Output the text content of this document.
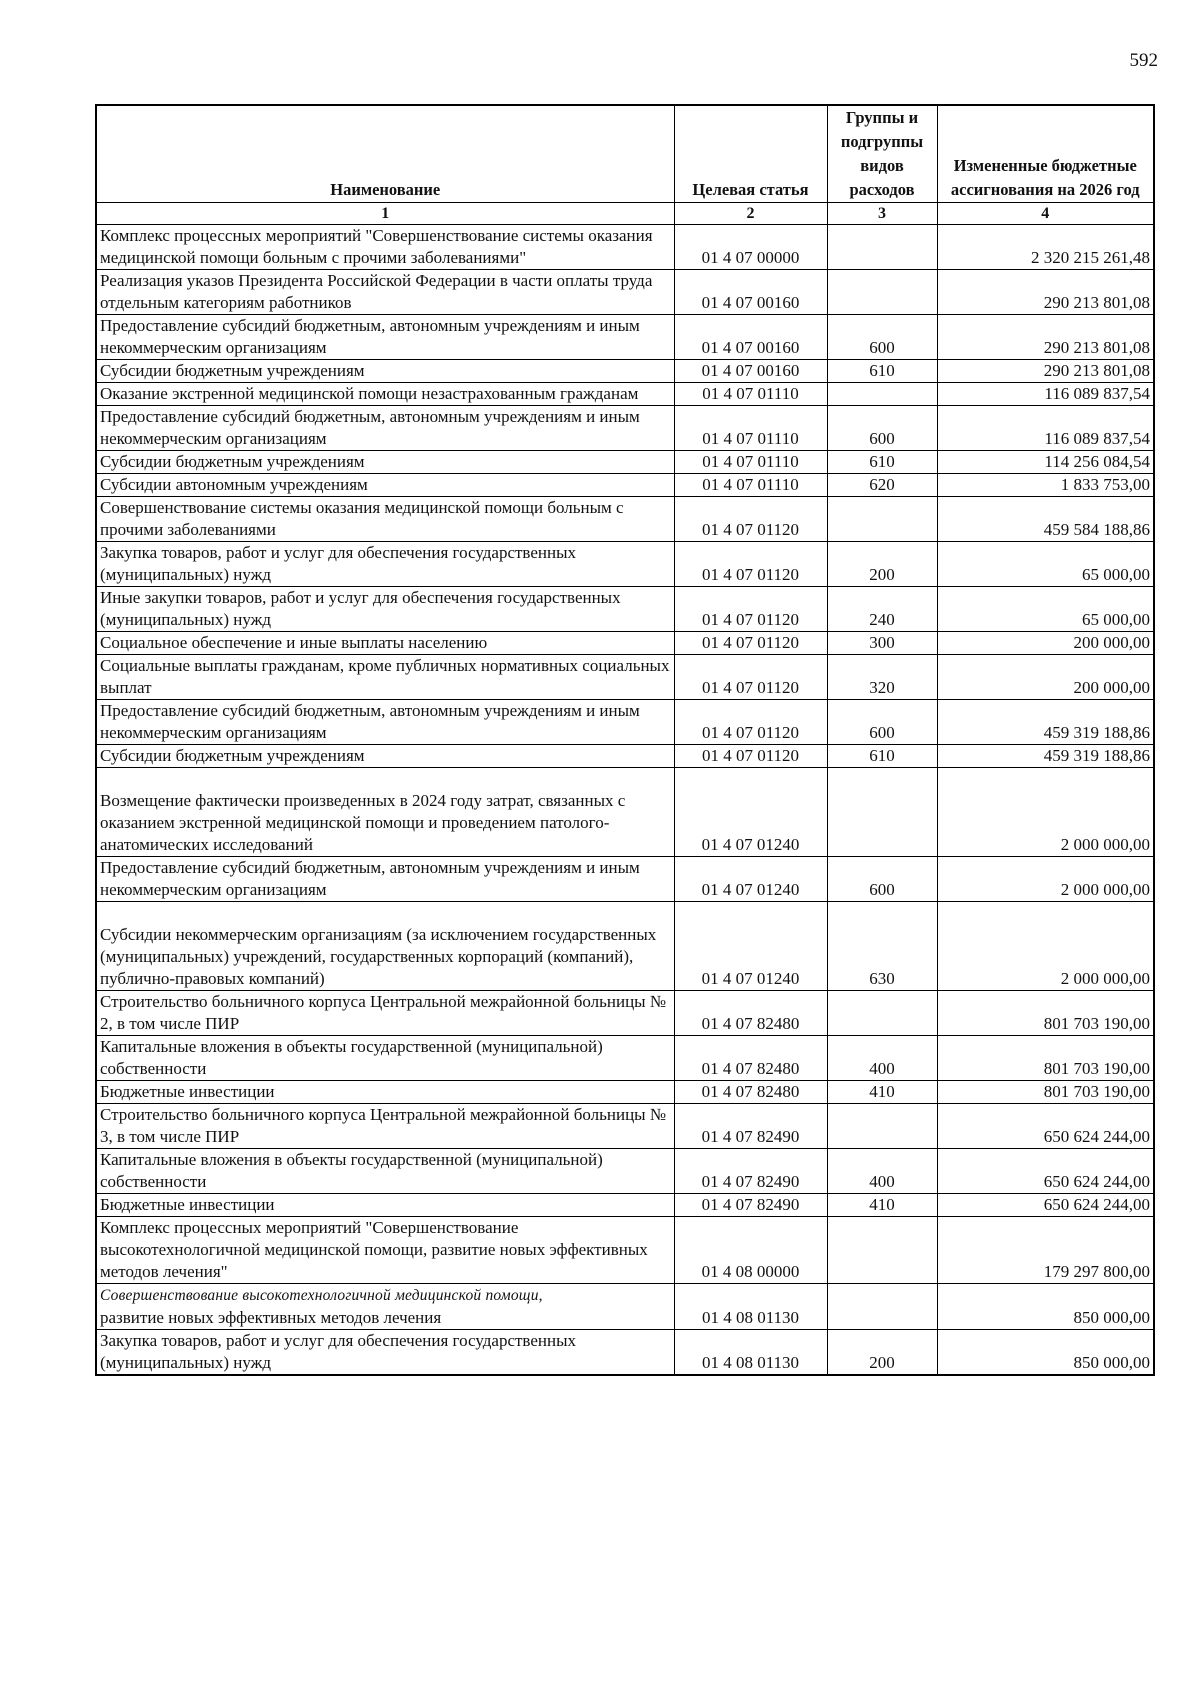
592
Наименование	Целевая статья	Группы и подгруппы видов расходов	Измененные бюджетные ассигнования на 2026 год
1	2	3	4
Комплекс процессных мероприятий "Совершенствование системы оказания медицинской помощи больным с прочими заболеваниями"	01 4 07 00000		2 320 215 261,48
Реализация указов Президента Российской Федерации в части оплаты труда отдельным категориям работников	01 4 07 00160		290 213 801,08
Предоставление субсидий бюджетным, автономным учреждениям и иным некоммерческим организациям	01 4 07 00160	600	290 213 801,08
Субсидии бюджетным учреждениям	01 4 07 00160	610	290 213 801,08
Оказание экстренной медицинской помощи незастрахованным гражданам	01 4 07 01110		116 089 837,54
Предоставление субсидий бюджетным, автономным учреждениям и иным некоммерческим организациям	01 4 07 01110	600	116 089 837,54
Субсидии бюджетным учреждениям	01 4 07 01110	610	114 256 084,54
Субсидии автономным учреждениям	01 4 07 01110	620	1 833 753,00
Совершенствование системы оказания медицинской помощи больным с прочими заболеваниями	01 4 07 01120		459 584 188,86
Закупка товаров, работ и услуг для обеспечения государственных (муниципальных) нужд	01 4 07 01120	200	65 000,00
Иные закупки товаров, работ и услуг для обеспечения государственных (муниципальных) нужд	01 4 07 01120	240	65 000,00
Социальное обеспечение и иные выплаты населению	01 4 07 01120	300	200 000,00
Социальные выплаты гражданам, кроме публичных нормативных социальных выплат	01 4 07 01120	320	200 000,00
Предоставление субсидий бюджетным, автономным учреждениям и иным некоммерческим организациям	01 4 07 01120	600	459 319 188,86
Субсидии бюджетным учреждениям	01 4 07 01120	610	459 319 188,86
Возмещение фактически произведенных в 2024 году затрат, связанных с оказанием экстренной медицинской помощи и проведением патолого-анатомических исследований	01 4 07 01240		2 000 000,00
Предоставление субсидий бюджетным, автономным учреждениям и иным некоммерческим организациям	01 4 07 01240	600	2 000 000,00
Субсидии некоммерческим организациям (за исключением государственных (муниципальных) учреждений, государственных корпораций (компаний), публично-правовых компаний)	01 4 07 01240	630	2 000 000,00
Строительство больничного корпуса Центральной межрайонной больницы № 2, в том числе ПИР	01 4 07 82480		801 703 190,00
Капитальные вложения в объекты государственной (муниципальной) собственности	01 4 07 82480	400	801 703 190,00
Бюджетные инвестиции	01 4 07 82480	410	801 703 190,00
Строительство больничного корпуса Центральной межрайонной больницы № 3, в том числе ПИР	01 4 07 82490		650 624 244,00
Капитальные вложения в объекты государственной (муниципальной) собственности	01 4 07 82490	400	650 624 244,00
Бюджетные инвестиции	01 4 07 82490	410	650 624 244,00
Комплекс процессных мероприятий "Совершенствование высокотехнологичной медицинской помощи, развитие новых эффективных методов лечения"	01 4 08 00000		179 297 800,00
Совершенствование высокотехнологичной медицинской помощи,
развитие новых эффективных методов лечения	01 4 08 01130		850 000,00
Закупка товаров, работ и услуг для обеспечения государственных (муниципальных) нужд	01 4 08 01130	200	850 000,00
